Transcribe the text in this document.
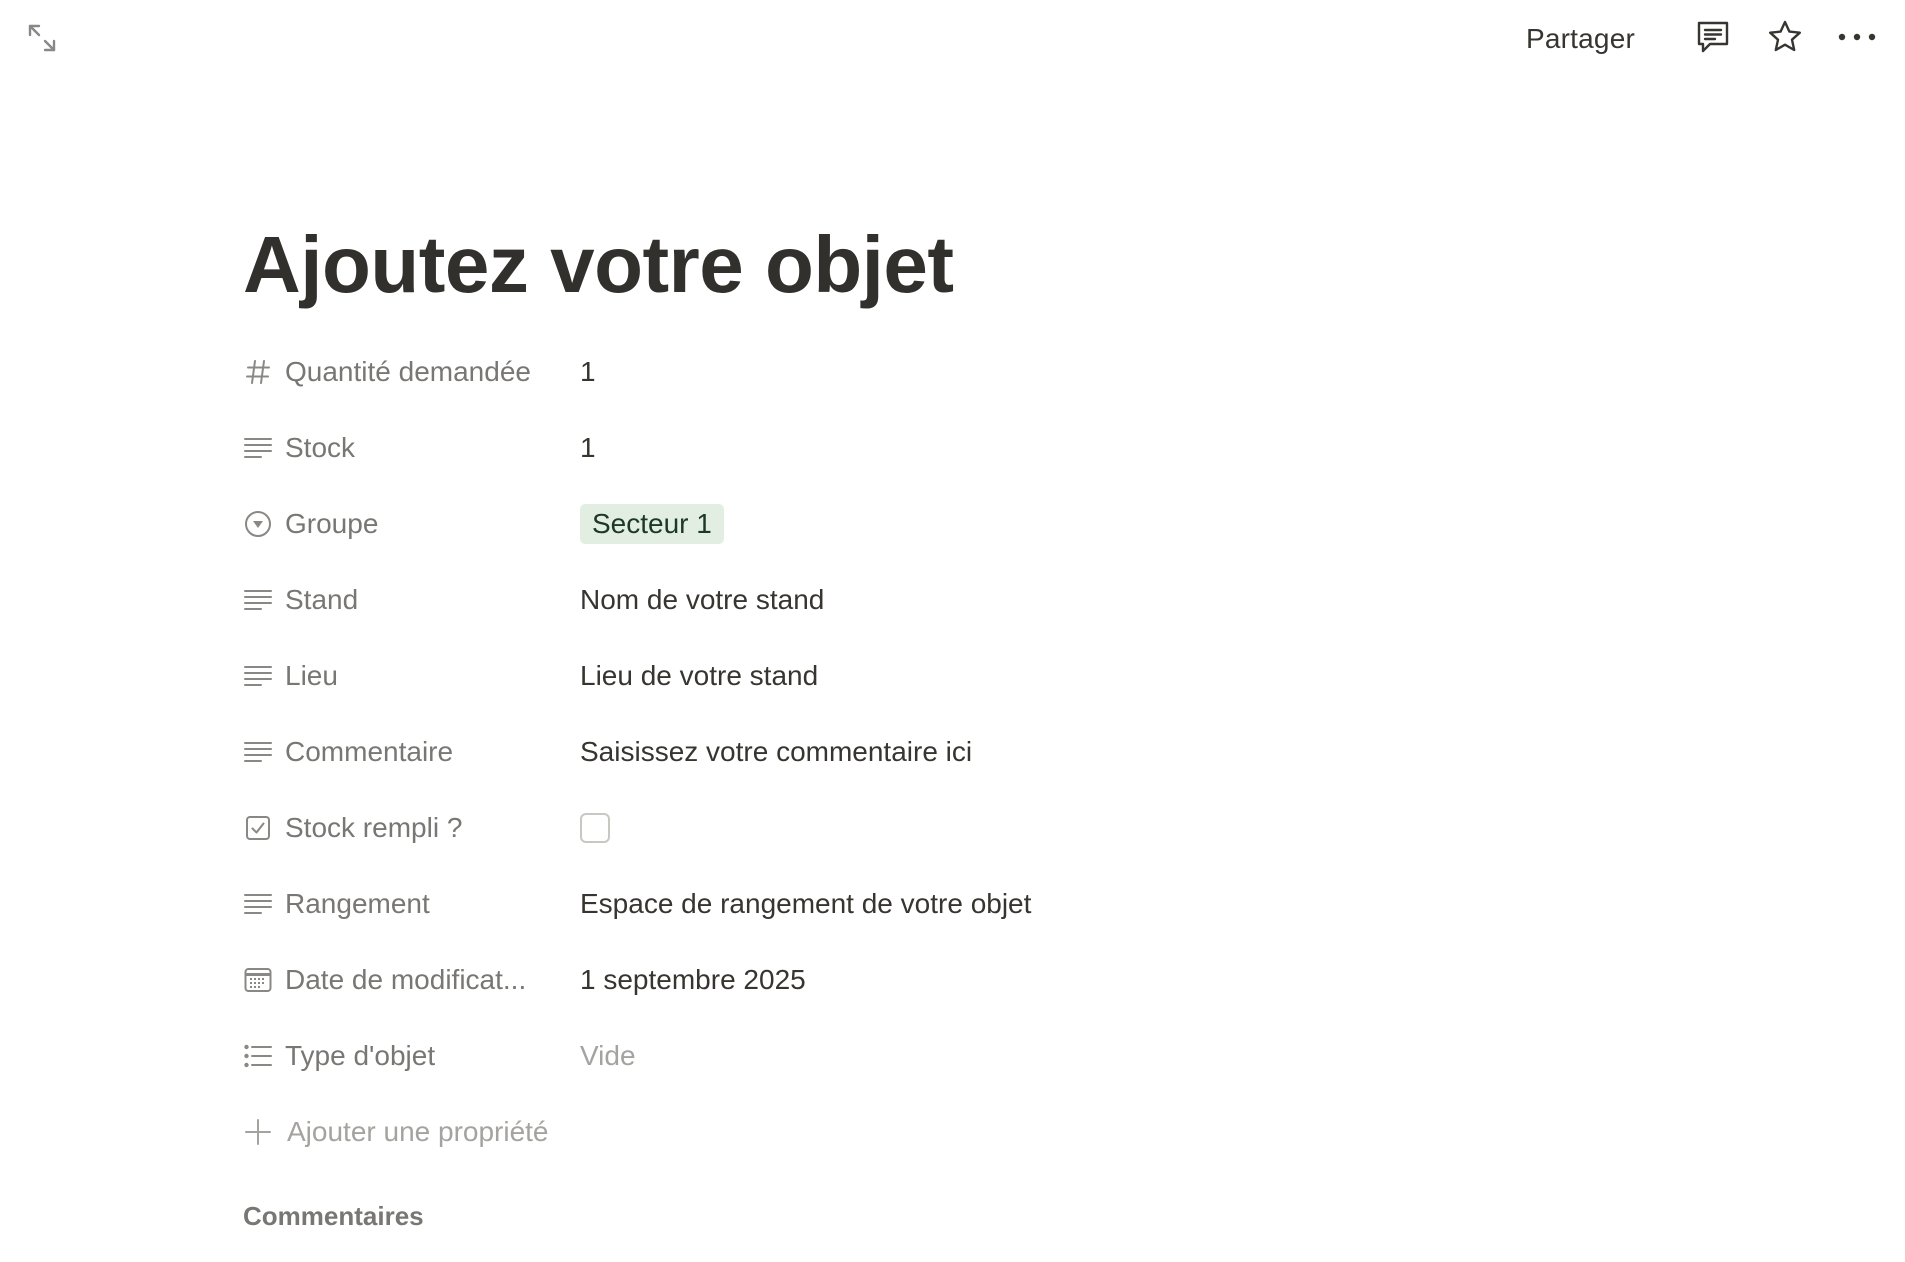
Partager
Ajoutez votre objet
Quantité demandée 1
Stock	1
Groupe	Secteur 1
Stand	Nom de votre stand
Lieu	Lieu de votre stand
Commentaire	Saisissez votre commentaire ici
Stock rempli ?
Rangement	Espace de rangement de votre objet
Date de modificat... 1 septembre 2025
Type d'objet	Vide
Ajouter une propriété
Commentaires
